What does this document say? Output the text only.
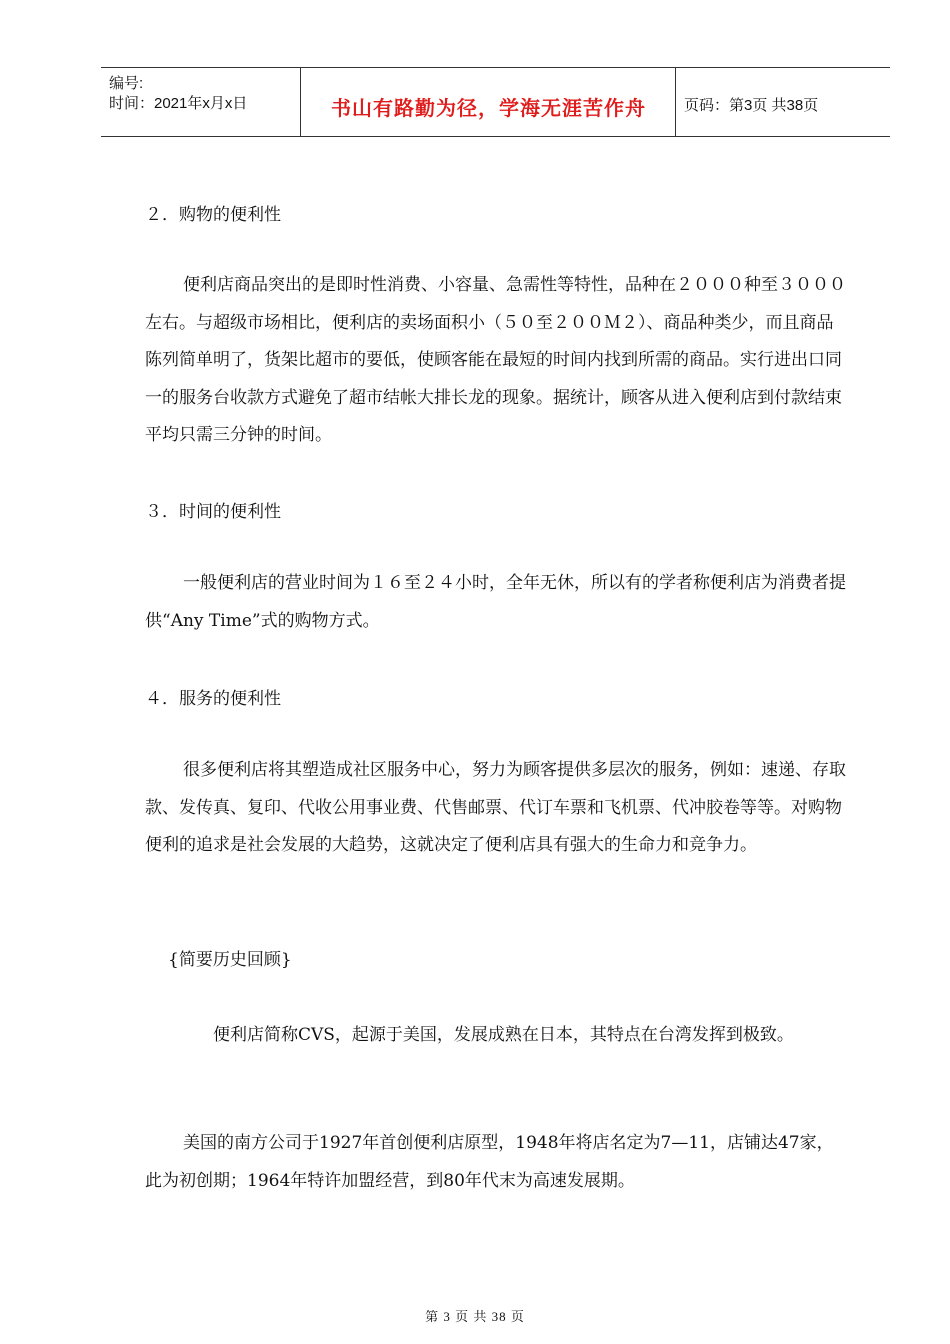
编号:
时间：2021年x月x日	书山有路勤为径，学海无涯苦作舟	页码：第3页 共38页

２．购物的便利性

便利店商品突出的是即时性消费、小容量、急需性等特性，品种在２０００种至３０００左右。与超级市场相比，便利店的卖场面积小（５０至２００Ｍ２）、商品种类少，而且商品陈列简单明了，货架比超市的要低，使顾客能在最短的时间内找到所需的商品。实行进出口同一的服务台收款方式避免了超市结帐大排长龙的现象。据统计，顾客从进入便利店到付款结束平均只需三分钟的时间。

３．时间的便利性

一般便利店的营业时间为１６至２４小时，全年无休，所以有的学者称便利店为消费者提供“Any Time”式的购物方式。

４．服务的便利性

很多便利店将其塑造成社区服务中心，努力为顾客提供多层次的服务，例如：速递、存取款、发传真、复印、代收公用事业费、代售邮票、代订车票和飞机票、代冲胶卷等等。对购物便利的追求是社会发展的大趋势，这就决定了便利店具有强大的生命力和竞争力。

{简要历史回顾}

便利店简称CVS，起源于美国，发展成熟在日本，其特点在台湾发挥到极致。

美国的南方公司于1927年首创便利店原型，1948年将店名定为7—11，店铺达47家，此为初创期；1964年特许加盟经营，到80年代末为高速发展期。

第 3 页 共 38 页
